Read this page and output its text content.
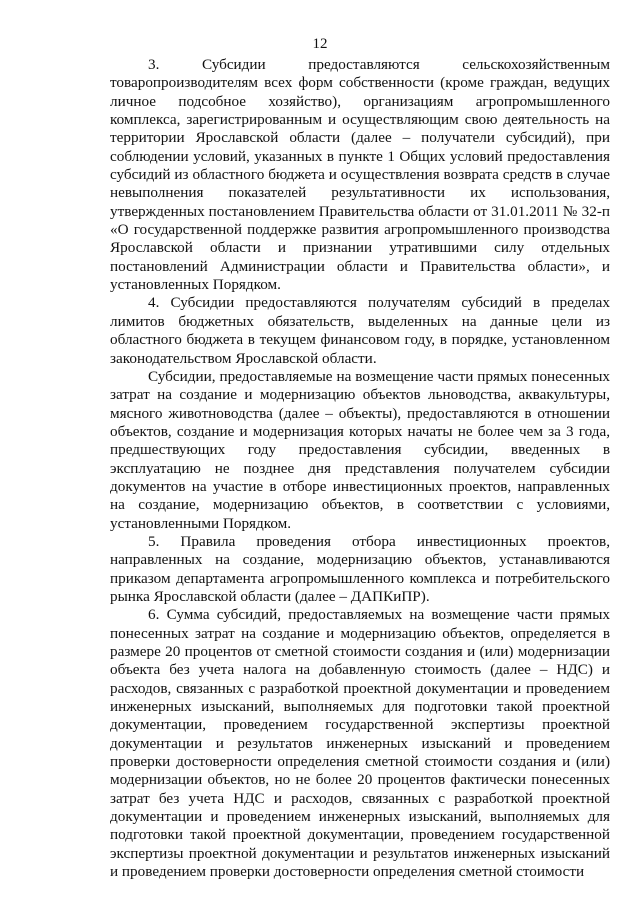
12

3. Субсидии предоставляются сельскохозяйственным товаропроизводителям всех форм собственности (кроме граждан, ведущих личное подсобное хозяйство), организациям агропромышленного комплекса, зарегистрированным и осуществляющим свою деятельность на территории Ярославской области (далее – получатели субсидий), при соблюдении условий, указанных в пункте 1 Общих условий предоставления субсидий из областного бюджета и осуществления возврата средств в случае невыполнения показателей результативности их использования, утвержденных постановлением Правительства области от 31.01.2011 № 32-п «О государственной поддержке развития агропромышленного производства Ярославской области и признании утратившими силу отдельных постановлений Администрации области и Правительства области», и установленных Порядком.

4. Субсидии предоставляются получателям субсидий в пределах лимитов бюджетных обязательств, выделенных на данные цели из областного бюджета в текущем финансовом году, в порядке, установленном законодательством Ярославской области.

Субсидии, предоставляемые на возмещение части прямых понесенных затрат на создание и модернизацию объектов льноводства, аквакультуры, мясного животноводства (далее – объекты), предоставляются в отношении объектов, создание и модернизация которых начаты не более чем за 3 года, предшествующих году предоставления субсидии, введенных в эксплуатацию не позднее дня представления получателем субсидии документов на участие в отборе инвестиционных проектов, направленных на создание, модернизацию объектов, в соответствии с условиями, установленными Порядком.

5. Правила проведения отбора инвестиционных проектов, направленных на создание, модернизацию объектов, устанавливаются приказом департамента агропромышленного комплекса и потребительского рынка Ярославской области (далее – ДАПКиПР).

6. Сумма субсидий, предоставляемых на возмещение части прямых понесенных затрат на создание и модернизацию объектов, определяется в размере 20 процентов от сметной стоимости создания и (или) модернизации объекта без учета налога на добавленную стоимость (далее – НДС) и расходов, связанных с разработкой проектной документации и проведением инженерных изысканий, выполняемых для подготовки такой проектной документации, проведением государственной экспертизы проектной документации и результатов инженерных изысканий и проведением проверки достоверности определения сметной стоимости создания и (или) модернизации объектов, но не более 20 процентов фактически понесенных затрат без учета НДС и расходов, связанных с разработкой проектной документации и проведением инженерных изысканий, выполняемых для подготовки такой проектной документации, проведением государственной экспертизы проектной документации и результатов инженерных изысканий и проведением проверки достоверности определения сметной стоимости
